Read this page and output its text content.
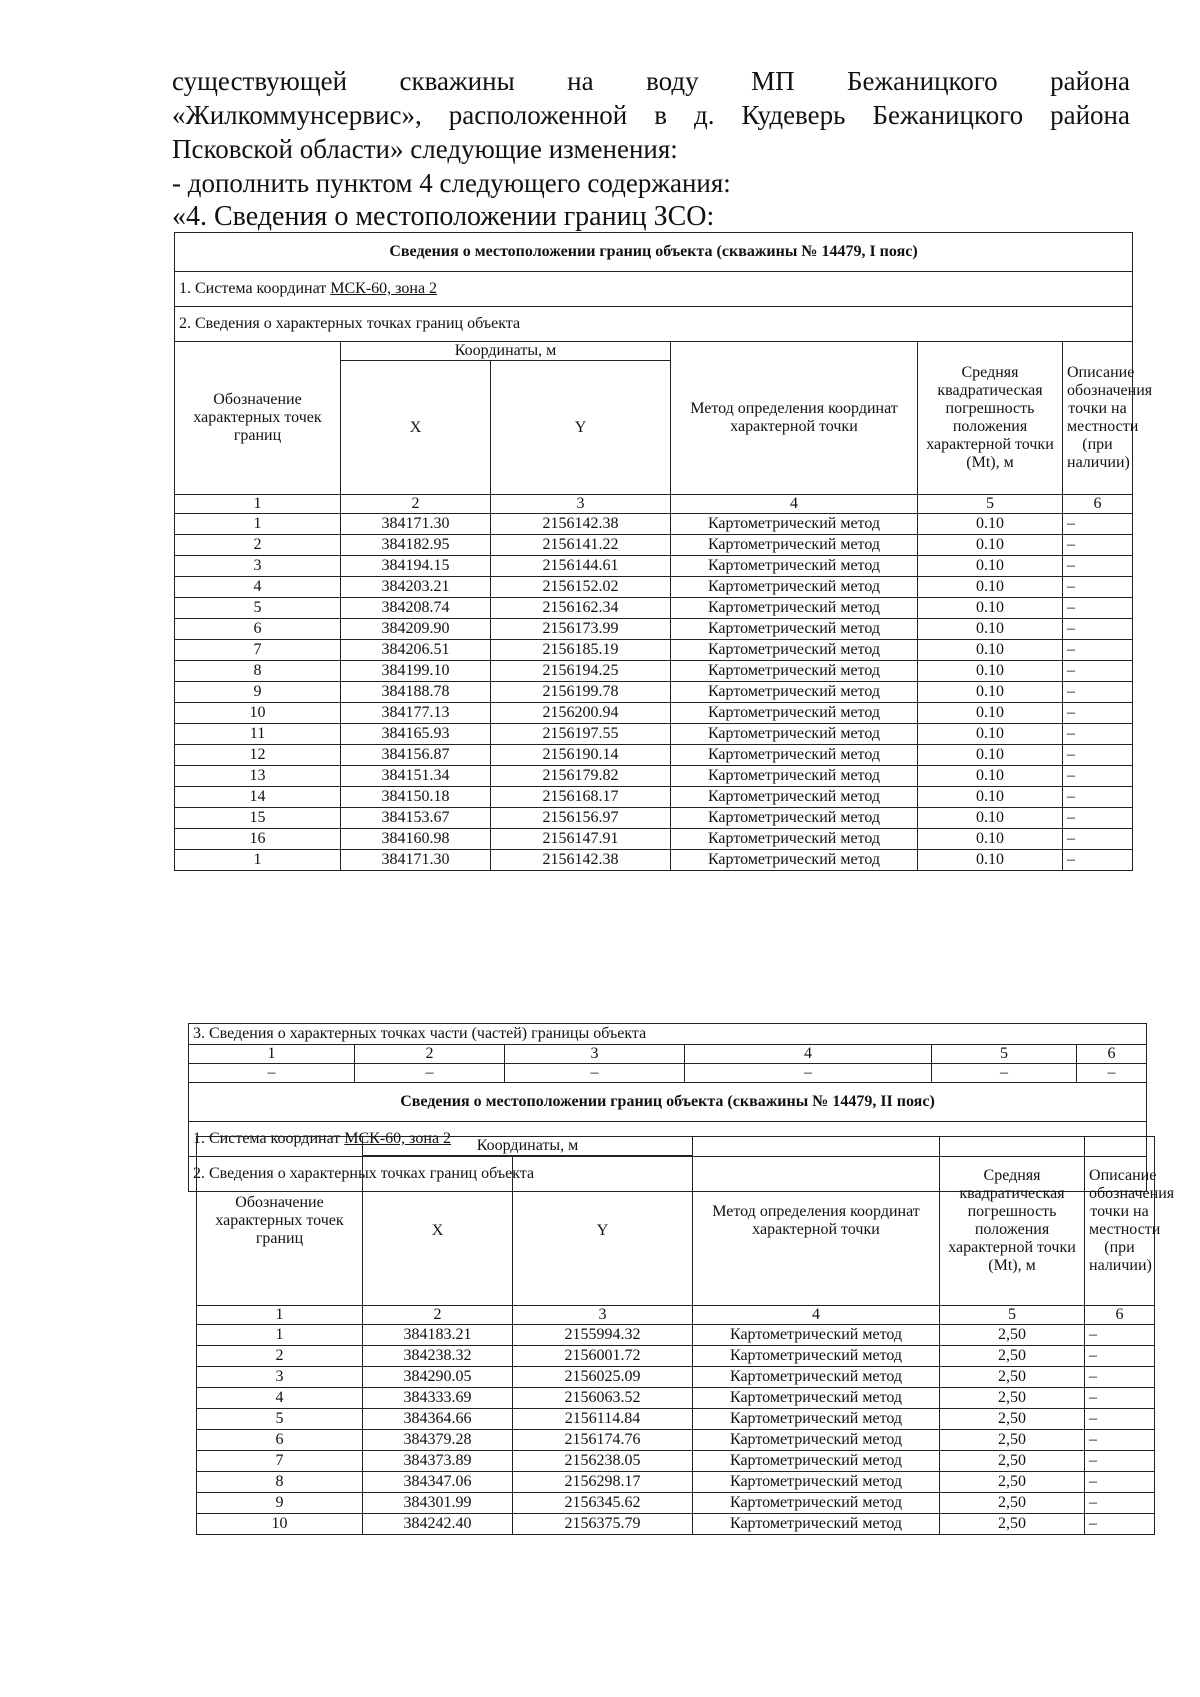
существующей скважины на воду МП Бежаницкого района

«Жилкоммунсервис», расположенной в д. Кудеверь Бежаницкого района

Псковской области» следующие изменения:

- дополнить пунктом 4 следующего содержания:

«4. Сведения о местоположении границ ЗСО:

Сведения о местоположении границ объекта (скважины № 14479, I пояс)					
1. Система координат МСК-60, зона 2					
2. Сведения о характерных точках границ объекта					
Обозначение характерных точек границ	Координаты, м		Метод определения координат характерной точки	Средняя квадратическая погрешность положения характерной точки (Mt), м	Описание обозначения точки на местности (при наличии)
	X	Y			
1	2	3	4	5	6
1	384171.30	2156142.38	Картометрический метод	0.10	–
2	384182.95	2156141.22	Картометрический метод	0.10	–
3	384194.15	2156144.61	Картометрический метод	0.10	–
4	384203.21	2156152.02	Картометрический метод	0.10	–
5	384208.74	2156162.34	Картометрический метод	0.10	–
6	384209.90	2156173.99	Картометрический метод	0.10	–
7	384206.51	2156185.19	Картометрический метод	0.10	–
8	384199.10	2156194.25	Картометрический метод	0.10	–
9	384188.78	2156199.78	Картометрический метод	0.10	–
10	384177.13	2156200.94	Картометрический метод	0.10	–
11	384165.93	2156197.55	Картометрический метод	0.10	–
12	384156.87	2156190.14	Картометрический метод	0.10	–
13	384151.34	2156179.82	Картометрический метод	0.10	–
14	384150.18	2156168.17	Картометрический метод	0.10	–
15	384153.67	2156156.97	Картометрический метод	0.10	–
16	384160.98	2156147.91	Картометрический метод	0.10	–
1	384171.30	2156142.38	Картометрический метод	0.10	–
3. Сведения о характерных точках части (частей) границы объекта					
1	2	3	4	5	6
–	–	–	–	–	–
Сведения о местоположении границ объекта (скважины № 14479, II пояс)					
1. Система координат МСК-60, зона 2					
2. Сведения о характерных точках границ объекта					
Обозначение характерных точек границ	Координаты, м		Метод определения координат характерной точки	Средняя квадратическая погрешность положения характерной точки (Mt), м	Описание обозначения точки на местности (при наличии)
	X	Y			
1	2	3	4	5	6
1	384183.21	2155994.32	Картометрический метод	2,50	–
2	384238.32	2156001.72	Картометрический метод	2,50	–
3	384290.05	2156025.09	Картометрический метод	2,50	–
4	384333.69	2156063.52	Картометрический метод	2,50	–
5	384364.66	2156114.84	Картометрический метод	2,50	–
6	384379.28	2156174.76	Картометрический метод	2,50	–
7	384373.89	2156238.05	Картометрический метод	2,50	–
8	384347.06	2156298.17	Картометрический метод	2,50	–
9	384301.99	2156345.62	Картометрический метод	2,50	–
10	384242.40	2156375.79	Картометрический метод	2,50	–
